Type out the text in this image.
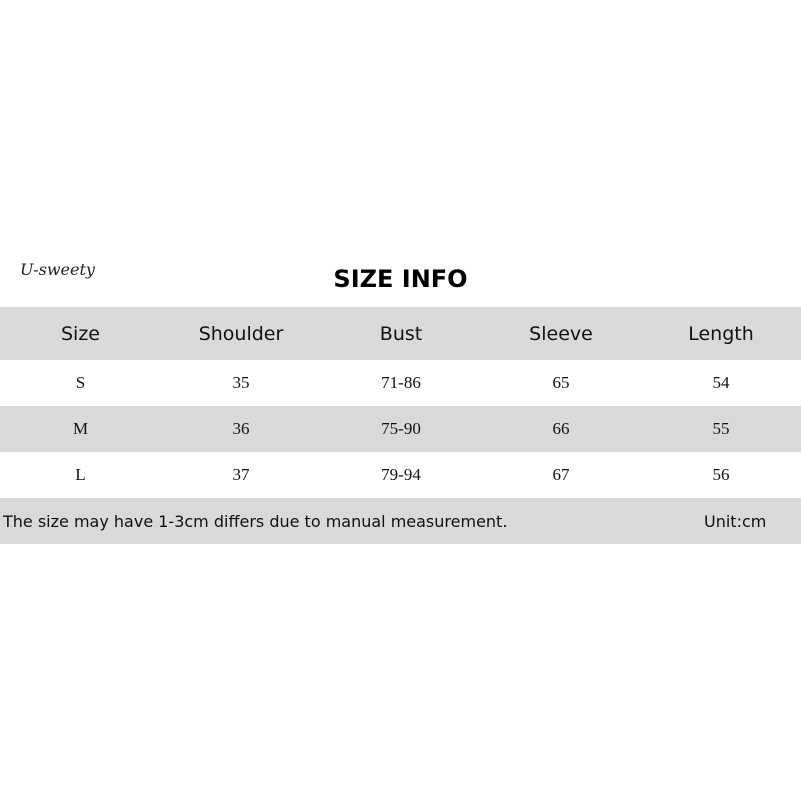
U-sweety	SIZE INFO
Size	Shoulder	Bust	Sleeve	Length
S	35	71-86	65	54
M	36	75-90	66	55
L	37	79-94	67	56
The size may have 1-3cm differs due to manual measurement.	Unit:cm
